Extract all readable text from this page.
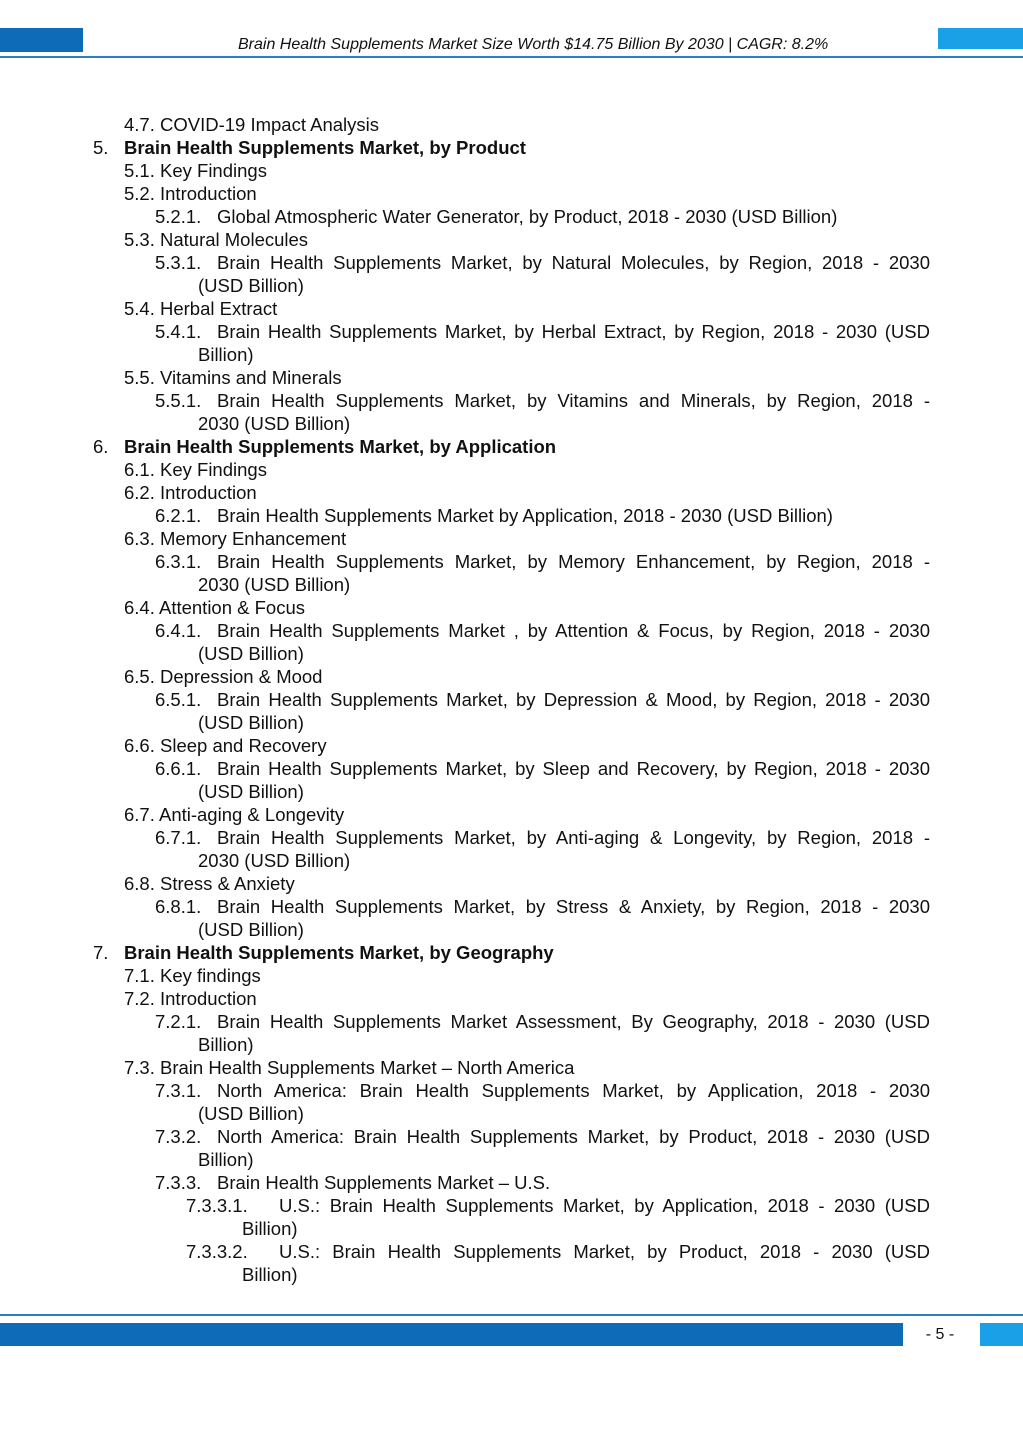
Brain Health Supplements Market Size Worth $14.75 Billion By 2030 | CAGR: 8.2%
4.7. COVID-19 Impact Analysis
5. Brain Health Supplements Market, by Product
5.1. Key Findings
5.2. Introduction
5.2.1. Global Atmospheric Water Generator, by Product, 2018 - 2030 (USD Billion)
5.3. Natural Molecules
5.3.1. Brain Health Supplements Market, by Natural Molecules, by Region, 2018 - 2030
(USD Billion)
5.4. Herbal Extract
5.4.1. Brain Health Supplements Market, by Herbal Extract, by Region, 2018 - 2030 (USD
Billion)
5.5. Vitamins and Minerals
5.5.1. Brain Health Supplements Market, by Vitamins and Minerals, by Region, 2018 -
2030 (USD Billion)
6. Brain Health Supplements Market, by Application
6.1. Key Findings
6.2. Introduction
6.2.1. Brain Health Supplements Market by Application, 2018 - 2030 (USD Billion)
6.3. Memory Enhancement
6.3.1. Brain Health Supplements Market, by Memory Enhancement, by Region, 2018 -
2030 (USD Billion)
6.4. Attention & Focus
6.4.1. Brain Health Supplements Market , by Attention & Focus, by Region, 2018 - 2030
(USD Billion)
6.5. Depression & Mood
6.5.1. Brain Health Supplements Market, by Depression & Mood, by Region, 2018 - 2030
(USD Billion)
6.6. Sleep and Recovery
6.6.1. Brain Health Supplements Market, by Sleep and Recovery, by Region, 2018 - 2030
(USD Billion)
6.7. Anti-aging & Longevity
6.7.1. Brain Health Supplements Market, by Anti-aging & Longevity, by Region, 2018 -
2030 (USD Billion)
6.8. Stress & Anxiety
6.8.1. Brain Health Supplements Market, by Stress & Anxiety, by Region, 2018 - 2030
(USD Billion)
7. Brain Health Supplements Market, by Geography
7.1. Key findings
7.2. Introduction
7.2.1. Brain Health Supplements Market Assessment, By Geography, 2018 - 2030 (USD
Billion)
7.3. Brain Health Supplements Market – North America
7.3.1. North America: Brain Health Supplements Market, by Application, 2018 - 2030
(USD Billion)
7.3.2. North America: Brain Health Supplements Market, by Product, 2018 - 2030 (USD
Billion)
7.3.3. Brain Health Supplements Market – U.S.
7.3.3.1. U.S.: Brain Health Supplements Market, by Application, 2018 - 2030 (USD
Billion)
7.3.3.2. U.S.: Brain Health Supplements Market, by Product, 2018 - 2030 (USD
Billion)
- 5 -
